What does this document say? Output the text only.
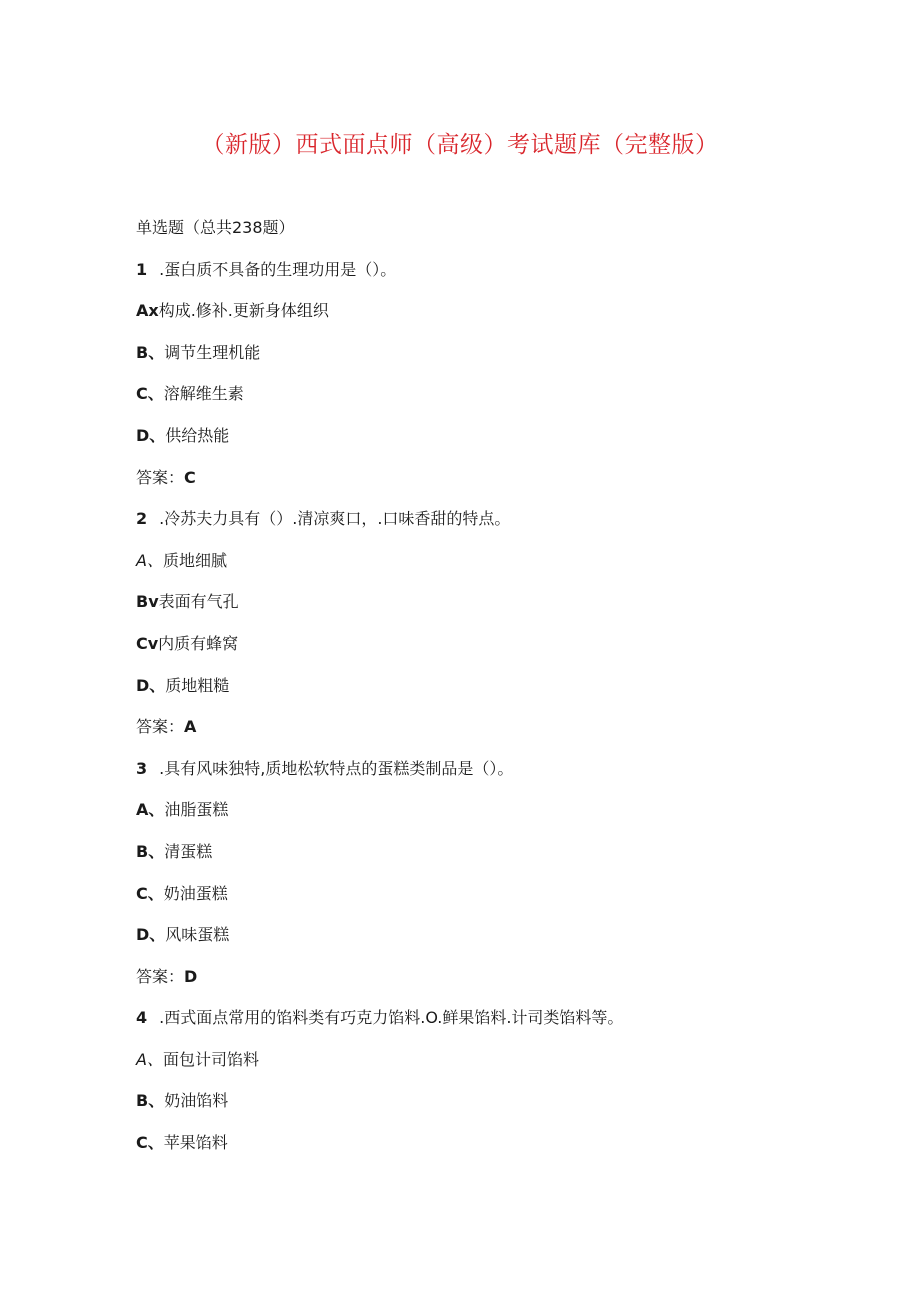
（新版）西式面点师（高级）考试题库（完整版）
单选题（总共238题）
1 .蛋白质不具备的生理功用是（）。
Ax构成.修补.更新身体组织
B、调节生理机能
C、溶解维生素
D、供给热能
答案：C
2 .冷苏夫力具有（）.清凉爽口，.口味香甜的特点。
A、质地细腻
Bv表面有气孔
Cv内质有蜂窝
D、质地粗糙
答案：A
3 .具有风味独特,质地松软特点的蛋糕类制品是（）。
A、油脂蛋糕
B、清蛋糕
C、奶油蛋糕
D、风味蛋糕
答案：D
4 .西式面点常用的馅料类有巧克力馅料.O.鲜果馅料.计司类馅料等。
A、面包计司馅料
B、奶油馅料
C、苹果馅料
